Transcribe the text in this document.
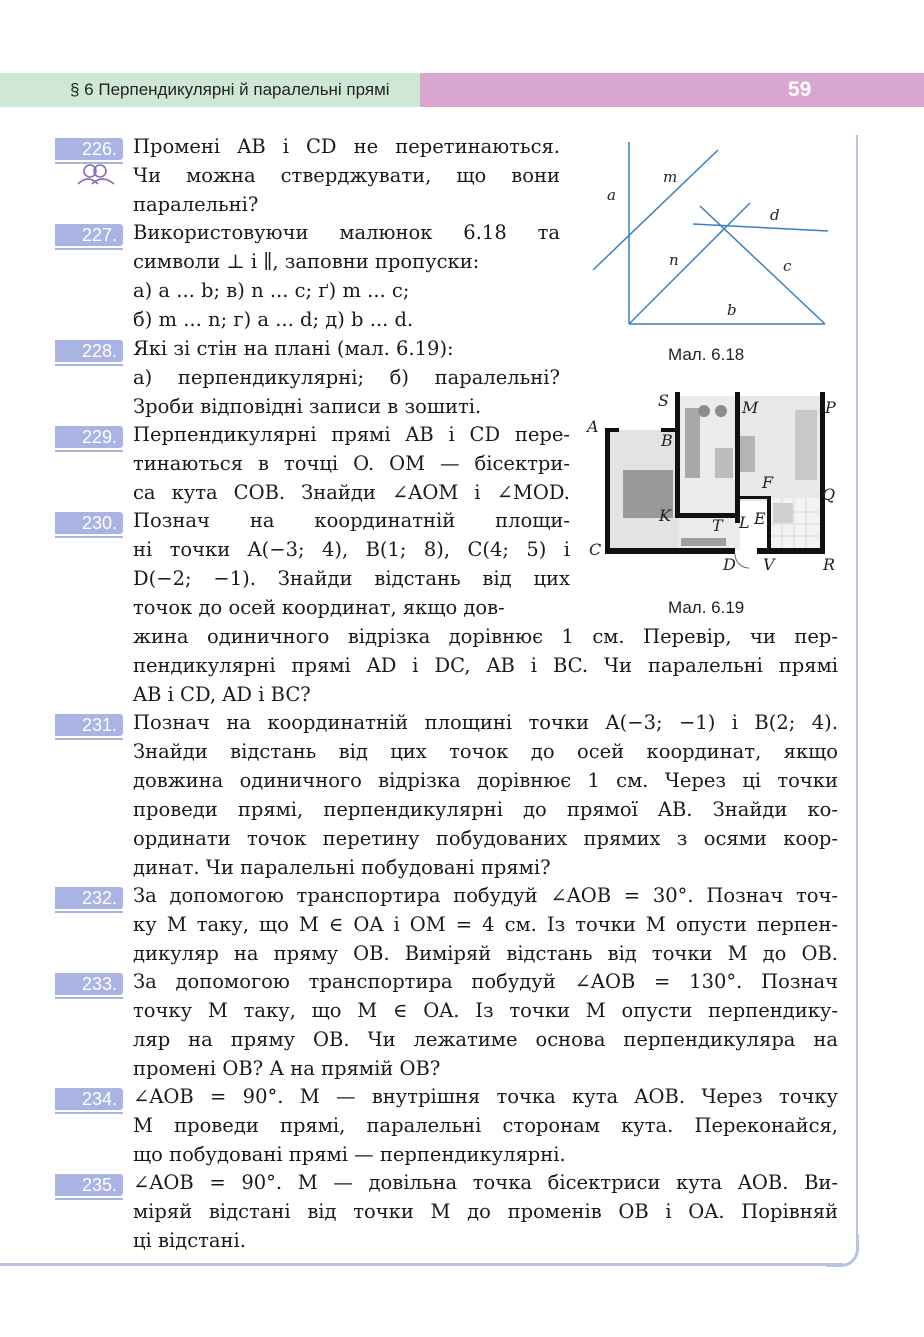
§ 6 Перпендикулярні й паралельні прямі	59
m
a
d
n	c
b
Мал. 6.18
S	M	P
A
B
F
Q
K
T L E
C
D V	R
Мал. 6.19
226. Промені AB і CD не перетинаються.
Чи можна стверджувати, що вони
паралельні?
227. Використовуючи малюнок 6.18 та
символи ⊥ і ∥, заповни пропуски:
а) a ... b; в) n ... c; ґ) m ... c;
б) m ... n; г) a ... d; д) b ... d.
228. Які зі стін на плані (мал. 6.19):
а) перпендикулярні; б) паралельні?
Зроби відповідні записи в зошиті.
229. Перпендикулярні прямі AB і CD пере-
тинаються в точці O. OM — бісектри-
са кута COB. Знайди ∠AOM і ∠MOD.
230. Познач на координатній площи-
ні точки A(−3; 4), B(1; 8), C(4; 5) і
D(−2; −1). Знайди відстань від цих
точок до осей координат, якщо дов-
жина одиничного відрізка дорівнює 1 см. Перевір, чи пер-
пендикулярні прямі AD і DC, AB і BC. Чи паралельні прямі
AB і CD, AD і BC?
231. Познач на координатній площині точки A(−3; −1) і B(2; 4).
Знайди відстань від цих точок до осей координат, якщо
довжина одиничного відрізка дорівнює 1 см. Через ці точки
проведи прямі, перпендикулярні до прямої AB. Знайди ко-
ординати точок перетину побудованих прямих з осями коор-
динат. Чи паралельні побудовані прямі?
232. За допомогою транспортира побудуй ∠AOB = 30°. Познач точ-
ку M таку, що M ∈ OA і OM = 4 см. Із точки M опусти перпен-
дикуляр на пряму OB. Виміряй відстань від точки M до OB.
233. За допомогою транспортира побудуй ∠AOB = 130°. Познач
точку M таку, що M ∈ OA. Із точки M опусти перпендику-
ляр на пряму OB. Чи лежатиме основа перпендикуляра на
промені OB? А на прямій OB?
234. ∠AOB = 90°. M — внутрішня точка кута AOB. Через точку
M проведи прямі, паралельні сторонам кута. Переконайся,
що побудовані прямі — перпендикулярні.
235. ∠AOB = 90°. M — довільна точка бісектриси кута AOB. Ви-
міряй відстані від точки M до променів OB і OA. Порівняй
ці відстані.
